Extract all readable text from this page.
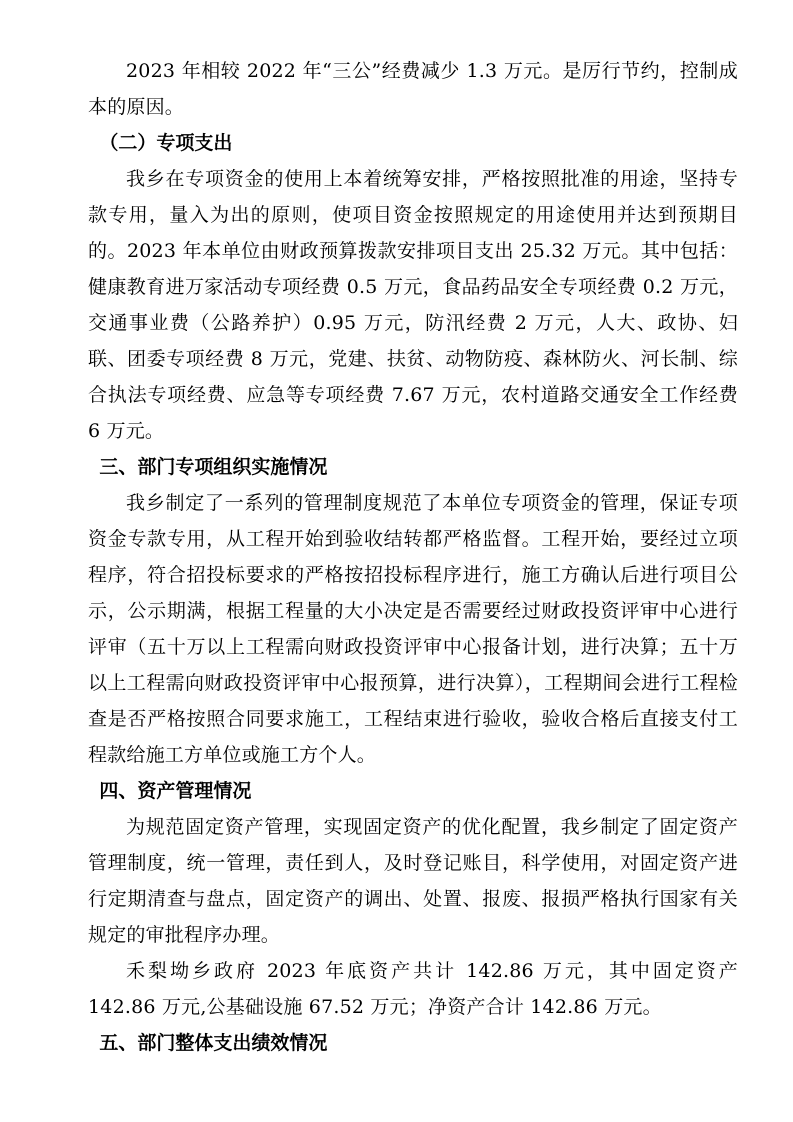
2023 年相较 2022 年“三公”经费减少 1.3 万元。是厉行节约，控制成本的原因。

（二）专项支出

我乡在专项资金的使用上本着统筹安排，严格按照批准的用途，坚持专款专用，量入为出的原则，使项目资金按照规定的用途使用并达到预期目的。2023 年本单位由财政预算拨款安排项目支出 25.32 万元。其中包括：健康教育进万家活动专项经费 0.5 万元，食品药品安全专项经费 0.2 万元，交通事业费（公路养护）0.95 万元，防汛经费 2 万元，人大、政协、妇联、团委专项经费 8 万元，党建、扶贫、动物防疫、森林防火、河长制、综合执法专项经费、应急等专项经费 7.67 万元，农村道路交通安全工作经费 6 万元。

三、部门专项组织实施情况

我乡制定了一系列的管理制度规范了本单位专项资金的管理，保证专项资金专款专用，从工程开始到验收结转都严格监督。工程开始，要经过立项程序，符合招投标要求的严格按招投标程序进行，施工方确认后进行项目公示，公示期满，根据工程量的大小决定是否需要经过财政投资评审中心进行评审（五十万以上工程需向财政投资评审中心报备计划，进行决算；五十万以上工程需向财政投资评审中心报预算，进行决算），工程期间会进行工程检查是否严格按照合同要求施工，工程结束进行验收，验收合格后直接支付工程款给施工方单位或施工方个人。

四、资产管理情况

为规范固定资产管理，实现固定资产的优化配置，我乡制定了固定资产管理制度，统一管理，责任到人，及时登记账目，科学使用，对固定资产进行定期清查与盘点，固定资产的调出、处置、报废、报损严格执行国家有关规定的审批程序办理。

禾梨坳乡政府 2023 年底资产共计 142.86 万元，其中固定资产 142.86 万元,公基础设施 67.52 万元；净资产合计 142.86 万元。

五、部门整体支出绩效情况
